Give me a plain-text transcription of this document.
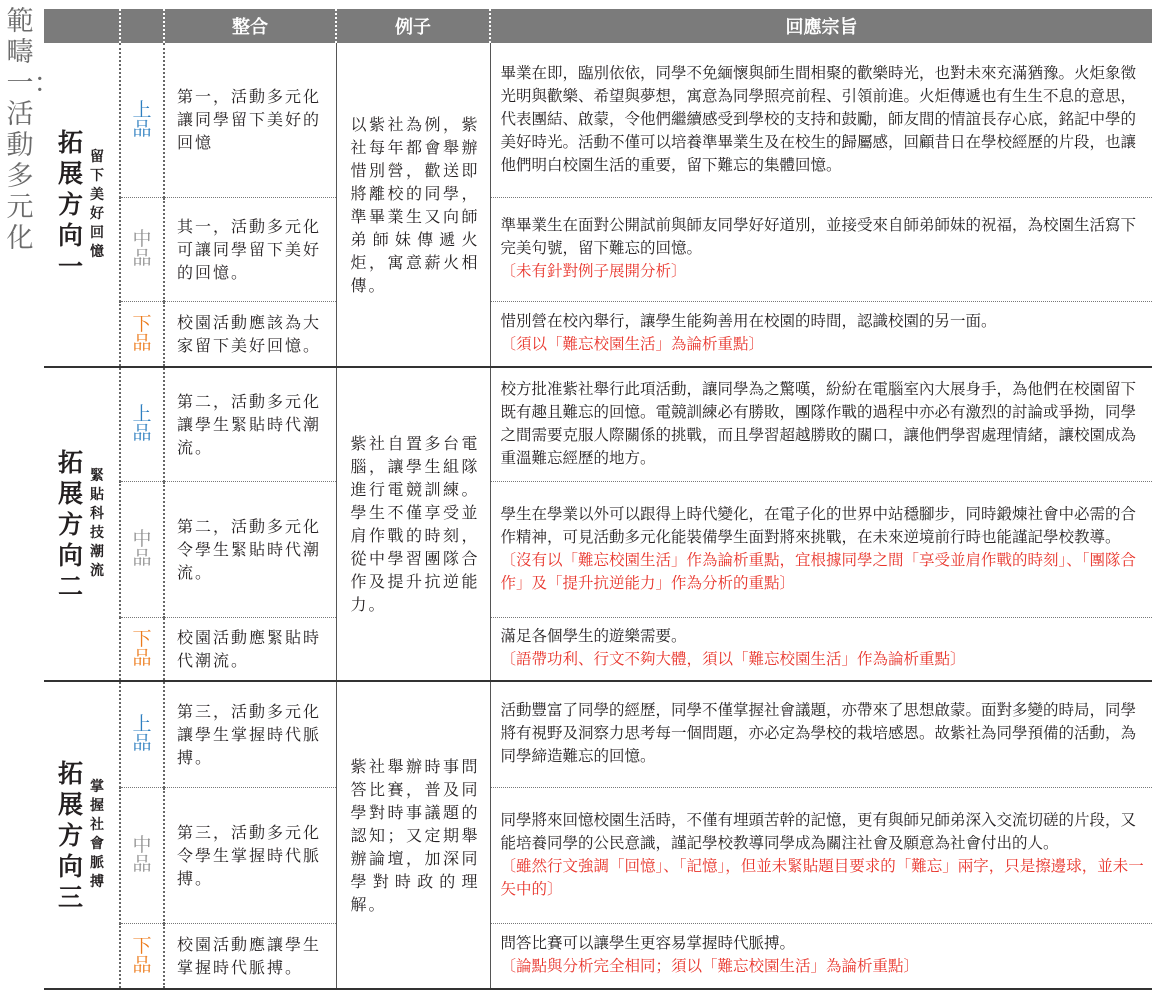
範疇一：活動多元化
		整合	例子	回應宗旨

拓展方向一
留下美好回憶	上品	第一，活動多元化讓同學留下美好的回憶	以紫社為例，紫社每年都會舉辦惜別營，歡送即將離校的同學，準畢業生又向師弟師妹傳遞火炬，寓意薪火相傳。	畢業在即，臨別依依，同學不免緬懷與師生間相聚的歡樂時光，也對未來充滿猶豫。火炬象徵光明與歡樂、希望與夢想，寓意為同學照亮前程、引領前進。火炬傳遞也有生生不息的意思，代表團結、啟蒙，令他們繼續感受到學校的支持和鼓勵，師友間的情誼長存心底，銘記中學的美好時光。活動不僅可以培養準畢業生及在校生的歸屬感，回顧昔日在學校經歷的片段，也讓他們明白校園生活的重要，留下難忘的集體回憶。
	中品	其一，活動多元化可讓同學留下美好的回憶。		準畢業生在面對公開試前與師友同學好好道別，並接受來自師弟師妹的祝福，為校園生活寫下完美句號，留下難忘的回憶。
〔未有針對例子展開分析〕

	下品	校園活動應該為大家留下美好回憶。		惜別營在校內舉行，讓學生能夠善用在校園的時間，認識校園的另一面。
〔須以「難忘校園生活」為論析重點〕

拓展方向二
緊貼科技潮流	上品	第二，活動多元化讓學生緊貼時代潮流。	紫社自置多台電腦，讓學生組隊進行電競訓練。學生不僅享受並肩作戰的時刻，從中學習團隊合作及提升抗逆能力。	校方批准紫社舉行此項活動，讓同學為之驚嘆，紛紛在電腦室內大展身手，為他們在校園留下既有趣且難忘的回憶。電競訓練必有勝敗，團隊作戰的過程中亦必有激烈的討論或爭拗，同學之間需要克服人際關係的挑戰，而且學習超越勝敗的關口，讓他們學習處理情緒，讓校園成為重溫難忘經歷的地方。
	中品	第二，活動多元化令學生緊貼時代潮流。		學生在學業以外可以跟得上時代變化，在電子化的世界中站穩腳步，同時鍛煉社會中必需的合作精神，可見活動多元化能裝備學生面對將來挑戰，在未來逆境前行時也能謹記學校教導。
〔沒有以「難忘校園生活」作為論析重點，宜根據同學之間「享受並肩作戰的時刻」、「團隊合作」及「提升抗逆能力」作為分析的重點〕

	下品	校園活動應緊貼時代潮流。		滿足各個學生的遊樂需要。
〔語帶功利、行文不夠大體，須以「難忘校園生活」作為論析重點〕

拓展方向三
掌握社會脈搏	上品	第三，活動多元化讓學生掌握時代脈搏。	紫社舉辦時事問答比賽，普及同學對時事議題的認知；又定期舉辦論壇，加深同學對時政的理解。	活動豐富了同學的經歷，同學不僅掌握社會議題，亦帶來了思想啟蒙。面對多變的時局，同學將有視野及洞察力思考每一個問題，亦必定為學校的栽培感恩。故紫社為同學預備的活動，為同學締造難忘的回憶。
	中品	第三，活動多元化令學生掌握時代脈搏。		同學將來回憶校園生活時，不僅有埋頭苦幹的記憶，更有與師兄師弟深入交流切磋的片段，又能培養同學的公民意識，謹記學校教導同學成為關注社會及願意為社會付出的人。
〔雖然行文強調「回憶」、「記憶」，但並未緊貼題目要求的「難忘」兩字，只是擦邊球，並未一矢中的〕

	下品	校園活動應讓學生掌握時代脈搏。		問答比賽可以讓學生更容易掌握時代脈搏。
〔論點與分析完全相同；須以「難忘校園生活」為論析重點〕
